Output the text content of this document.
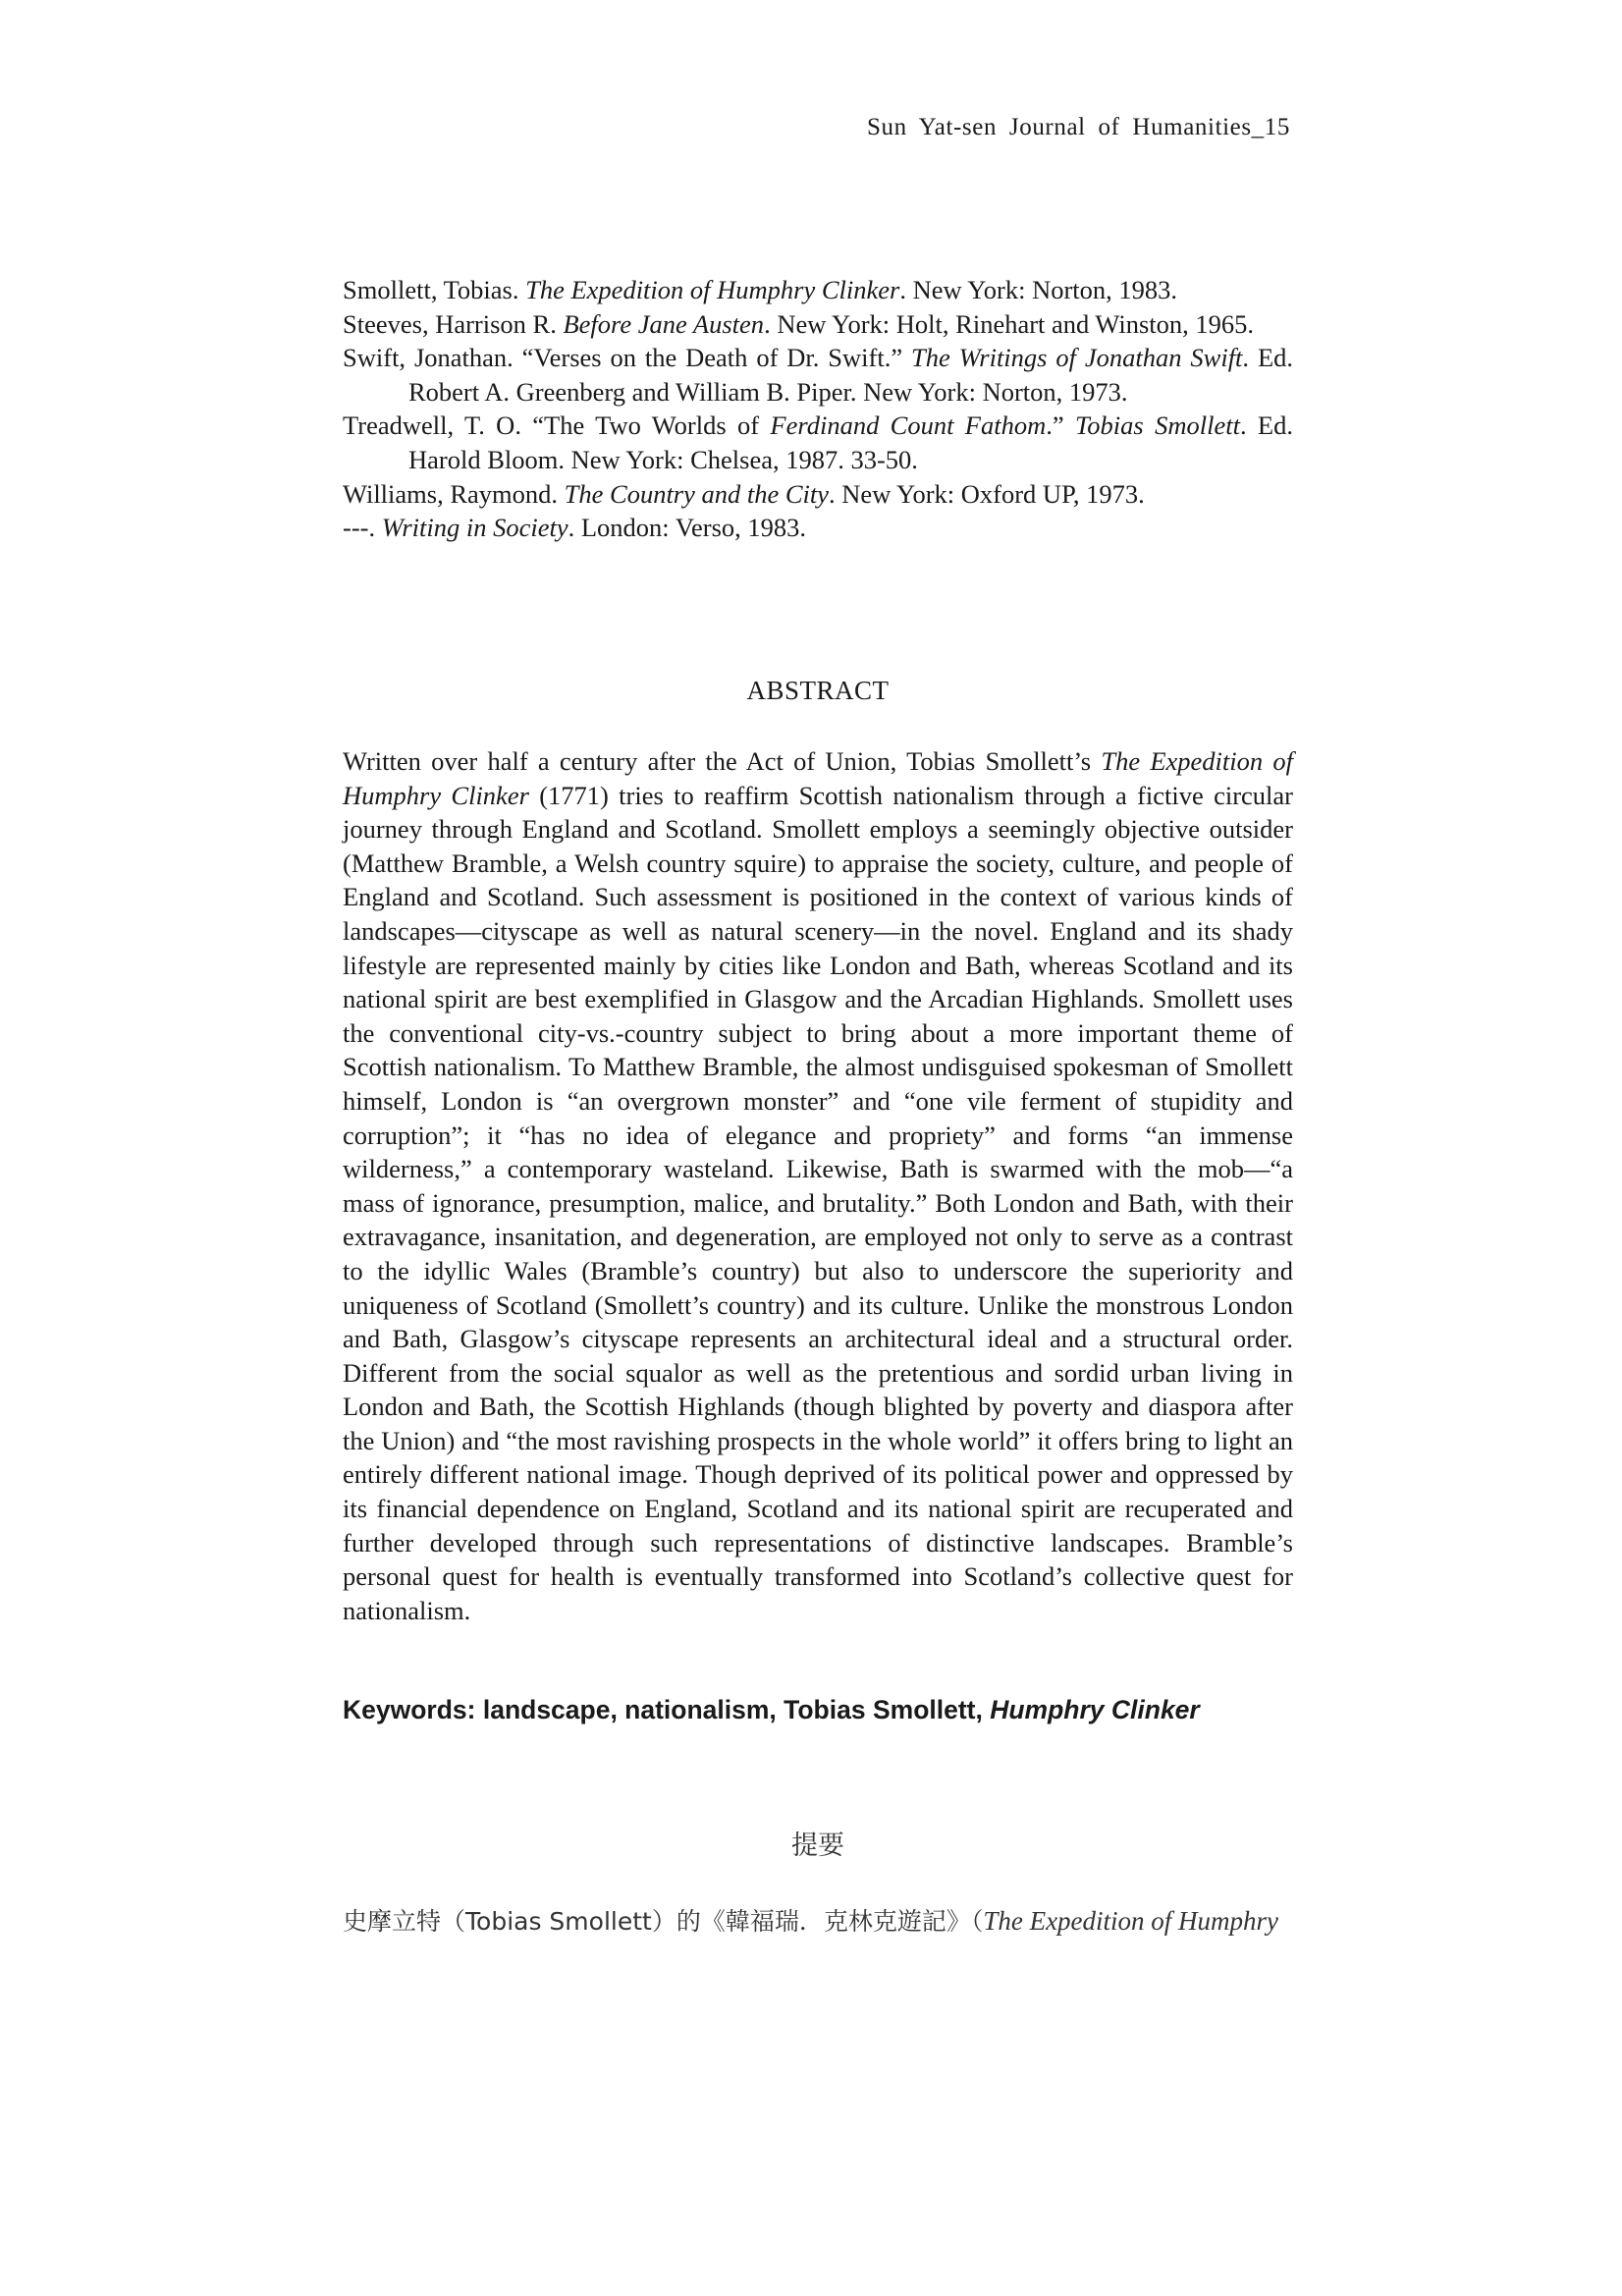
Sun Yat-sen Journal of Humanities_15
Smollett, Tobias. The Expedition of Humphry Clinker. New York: Norton, 1983.
Steeves, Harrison R. Before Jane Austen. New York: Holt, Rinehart and Winston, 1965.
Swift, Jonathan. “Verses on the Death of Dr. Swift.” The Writings of Jonathan Swift. Ed. Robert A. Greenberg and William B. Piper. New York: Norton, 1973.
Treadwell, T. O. “The Two Worlds of Ferdinand Count Fathom.” Tobias Smollett. Ed. Harold Bloom. New York: Chelsea, 1987. 33-50.
Williams, Raymond. The Country and the City. New York: Oxford UP, 1973.
---. Writing in Society. London: Verso, 1983.
ABSTRACT

Written over half a century after the Act of Union, Tobias Smollett’s The Expedition of Humphry Clinker (1771) tries to reaffirm Scottish nationalism through a fictive circular journey through England and Scotland. Smollett employs a seemingly objective outsider (Matthew Bramble, a Welsh country squire) to appraise the society, culture, and people of England and Scotland. Such assessment is positioned in the context of various kinds of landscapes—cityscape as well as natural scenery—in the novel. England and its shady lifestyle are represented mainly by cities like London and Bath, whereas Scotland and its national spirit are best exemplified in Glasgow and the Arcadian Highlands. Smollett uses the conventional city-vs.-country subject to bring about a more important theme of Scottish nationalism. To Matthew Bramble, the almost undisguised spokesman of Smollett himself, London is “an overgrown monster” and “one vile ferment of stupidity and corruption”; it “has no idea of elegance and propriety” and forms “an immense wilderness,” a contemporary wasteland. Likewise, Bath is swarmed with the mob—“a mass of ignorance, presumption, malice, and brutality.” Both London and Bath, with their extravagance, insanitation, and degeneration, are employed not only to serve as a contrast to the idyllic Wales (Bramble’s country) but also to underscore the superiority and uniqueness of Scotland (Smollett’s country) and its culture. Unlike the monstrous London and Bath, Glasgow’s cityscape represents an architectural ideal and a structural order. Different from the social squalor as well as the pretentious and sordid urban living in London and Bath, the Scottish Highlands (though blighted by poverty and diaspora after the Union) and “the most ravishing prospects in the whole world” it offers bring to light an entirely different national image. Though deprived of its political power and oppressed by its financial dependence on England, Scotland and its national spirit are recuperated and further developed through such representations of distinctive landscapes. Bramble’s personal quest for health is eventually transformed into Scotland’s collective quest for nationalism.

Keywords: landscape, nationalism, Tobias Smollett, Humphry Clinker
提要
史摩立特（Tobias Smollett）的《韓福瑞．克林克遊記》（The Expedition of Humphry
